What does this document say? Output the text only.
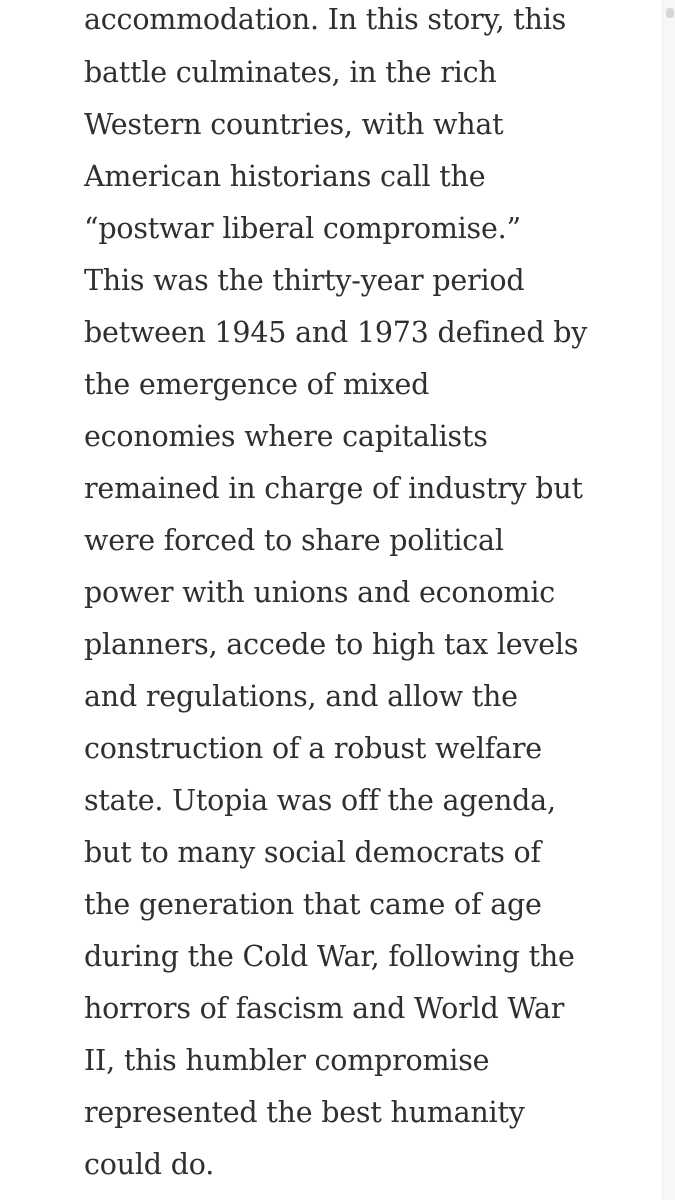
accommodation. In this story, this

battle culminates, in the rich

Western countries, with what

American historians call the

“postwar liberal compromise.”

This was the thirty-year period

between 1945 and 1973 defined by

the emergence of mixed

economies where capitalists

remained in charge of industry but

were forced to share political

power with unions and economic

planners, accede to high tax levels

and regulations, and allow the

construction of a robust welfare

state. Utopia was off the agenda,

but to many social democrats of

the generation that came of age

during the Cold War, following the

horrors of fascism and World War

II, this humbler compromise

represented the best humanity

could do.
